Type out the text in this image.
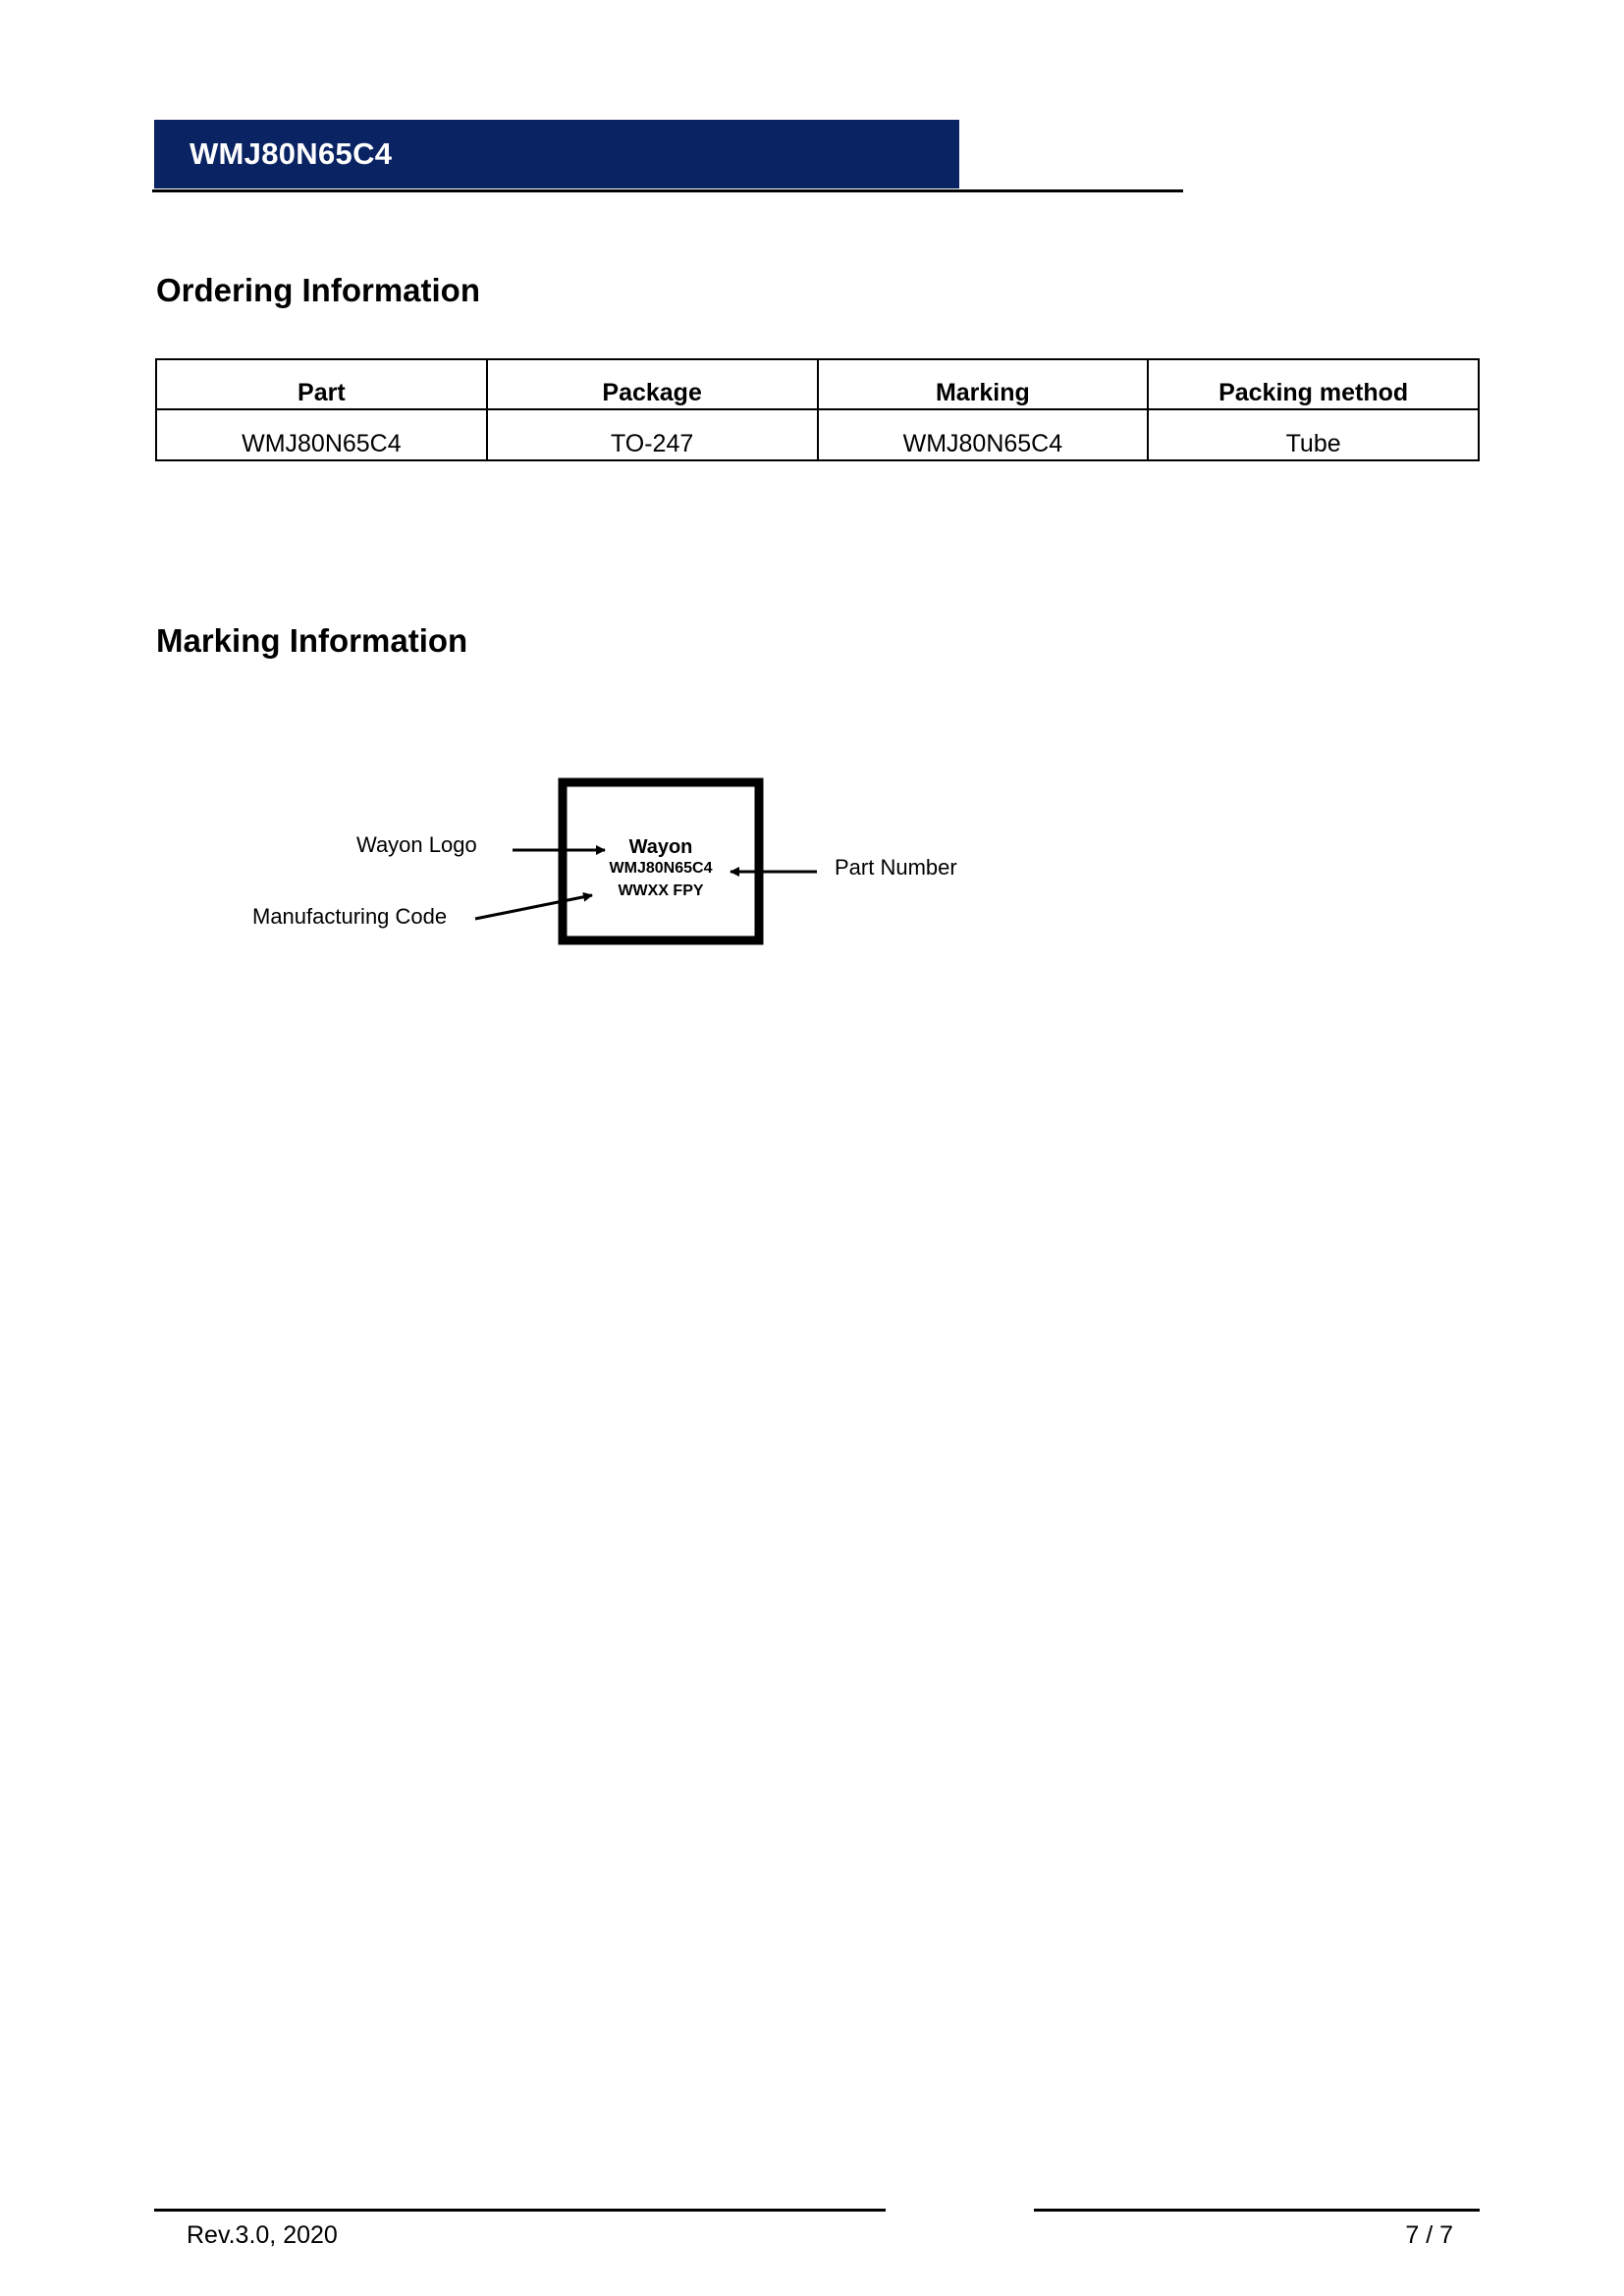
WMJ80N65C4
Ordering Information
Part	Package	Marking	Packing method
WMJ80N65C4	TO-247	WMJ80N65C4	Tube
Marking Information
Wayon Logo
Manufacturing Code
Part Number
Wayon
WMJ80N65C4
WWXX FPY
Rev.3.0, 2020	7 / 7
